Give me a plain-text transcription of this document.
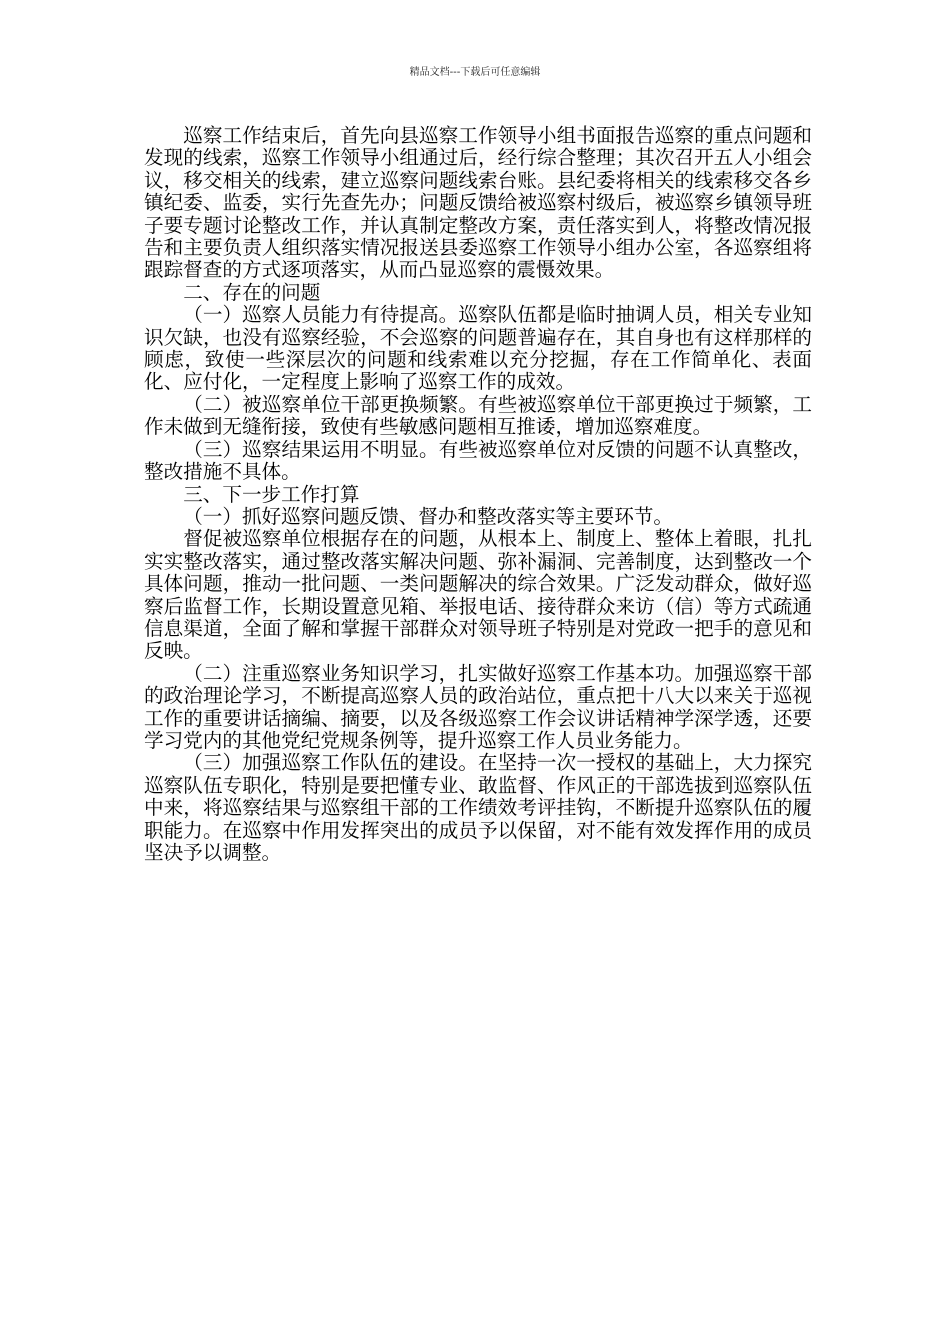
精品文档---下载后可任意编辑

巡察工作结束后，首先向县巡察工作领导小组书面报告巡察的重点问题和发现的线索，巡察工作领导小组通过后，经行综合整理；其次召开五人小组会议，移交相关的线索，建立巡察问题线索台账。县纪委将相关的线索移交各乡镇纪委、监委，实行先查先办；问题反馈给被巡察村级后，被巡察乡镇领导班子要专题讨论整改工作，并认真制定整改方案，责任落实到人，将整改情况报告和主要负责人组织落实情况报送县委巡察工作领导小组办公室，各巡察组将跟踪督查的方式逐项落实，从而凸显巡察的震慑效果。

二、存在的问题

（一）巡察人员能力有待提高。巡察队伍都是临时抽调人员，相关专业知识欠缺，也没有巡察经验，不会巡察的问题普遍存在，其自身也有这样那样的顾虑，致使一些深层次的问题和线索难以充分挖掘，存在工作简单化、表面化、应付化，一定程度上影响了巡察工作的成效。

（二）被巡察单位干部更换频繁。有些被巡察单位干部更换过于频繁，工作未做到无缝衔接，致使有些敏感问题相互推诿，增加巡察难度。

（三）巡察结果运用不明显。有些被巡察单位对反馈的问题不认真整改，整改措施不具体。

三、下一步工作打算

（一）抓好巡察问题反馈、督办和整改落实等主要环节。

督促被巡察单位根据存在的问题，从根本上、制度上、整体上着眼，扎扎实实整改落实，通过整改落实解决问题、弥补漏洞、完善制度，达到整改一个具体问题，推动一批问题、一类问题解决的综合效果。广泛发动群众，做好巡察后监督工作，长期设置意见箱、举报电话、接待群众来访（信）等方式疏通信息渠道，全面了解和掌握干部群众对领导班子特别是对党政一把手的意见和反映。

（二）注重巡察业务知识学习，扎实做好巡察工作基本功。加强巡察干部的政治理论学习，不断提高巡察人员的政治站位，重点把十八大以来关于巡视工作的重要讲话摘编、摘要，以及各级巡察工作会议讲话精神学深学透，还要学习党内的其他党纪党规条例等，提升巡察工作人员业务能力。

（三）加强巡察工作队伍的建设。在坚持一次一授权的基础上，大力探究巡察队伍专职化，特别是要把懂专业、敢监督、作风正的干部选拔到巡察队伍中来，将巡察结果与巡察组干部的工作绩效考评挂钩，不断提升巡察队伍的履职能力。在巡察中作用发挥突出的成员予以保留，对不能有效发挥作用的成员坚决予以调整。
